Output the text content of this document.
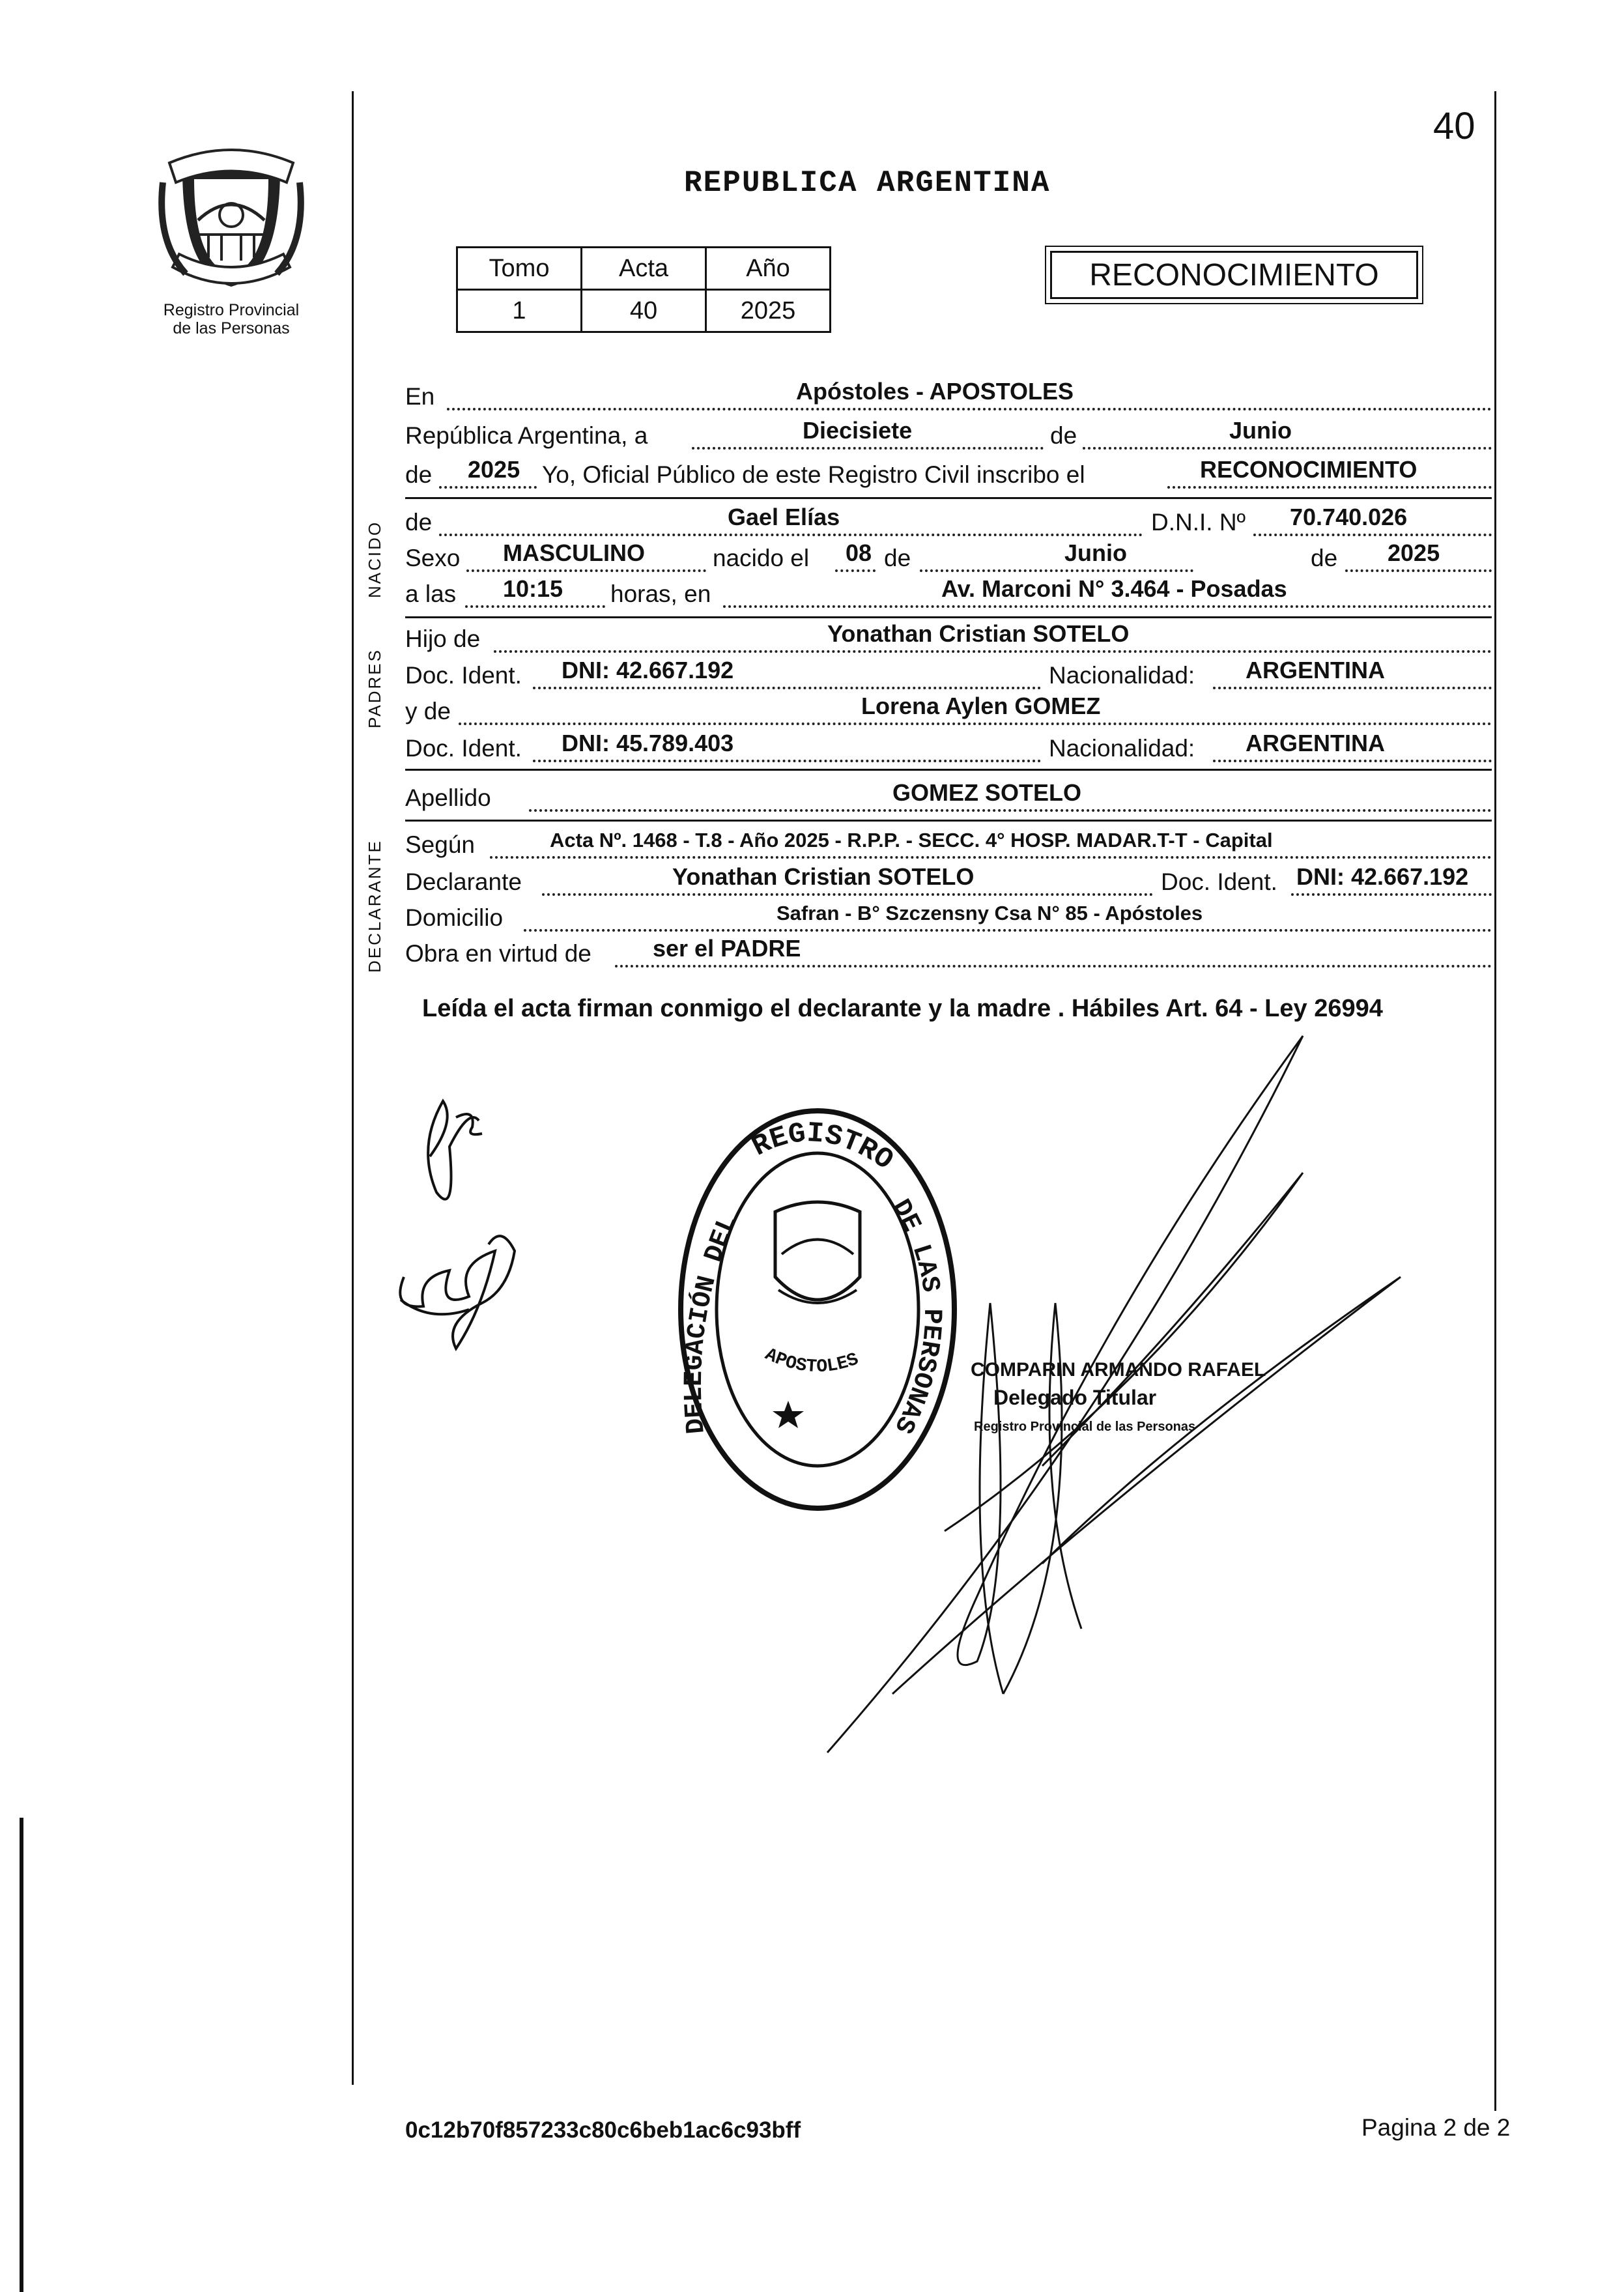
Registro Provincial
de las Personas
40
REPUBLICA ARGENTINA
Tomo	Acta	Año
1	40	2025
RECONOCIMIENTO
En	Apóstoles - APOSTOLES
República Argentina, a	Diecisiete	de	Junio
de 2025 Yo, Oficial Público de este Registro Civil inscribo el	RECONOCIMIENTO
NACIDO de	Gael Elías	D.N.I. Nº 70.740.026
Sexo MASCULINO	nacido el 08 de	Junio	de 2025
a las 10:15 horas, en	Av. Marconi N° 3.464 - Posadas
PADRES
Hijo de	Yonathan Cristian SOTELO
Doc. Ident. DNI: 42.667.192	Nacionalidad: ARGENTINA
y de	Lorena Aylen GOMEZ
Doc. Ident. DNI: 45.789.403	Nacionalidad: ARGENTINA
Apellido	GOMEZ SOTELO
DECLARANTE Según	Acta Nº. 1468 - T.8 - Año 2025 - R.P.P. - SECC. 4° HOSP. MADAR.T-T - Capital
Declarante	Yonathan Cristian SOTELO	Doc. Ident. DNI: 42.667.192
Domicilio	Safran - B° Szczensny Csa N° 85 - Apóstoles
Obra en virtud de	ser el PADRE
Leída el acta firman conmigo el declarante y la madre . Hábiles Art. 64 - Ley 26994
REGISTRO
DELEGACIÓN DEL
DE LAS PERSONAS
APOSTOLES	COMPARIN ARMANDO RAFAEL
Delegado Titular
Registro Provincial de las Personas
0c12b70f857233c80c6beb1ac6c93bff	Pagina 2 de 2
